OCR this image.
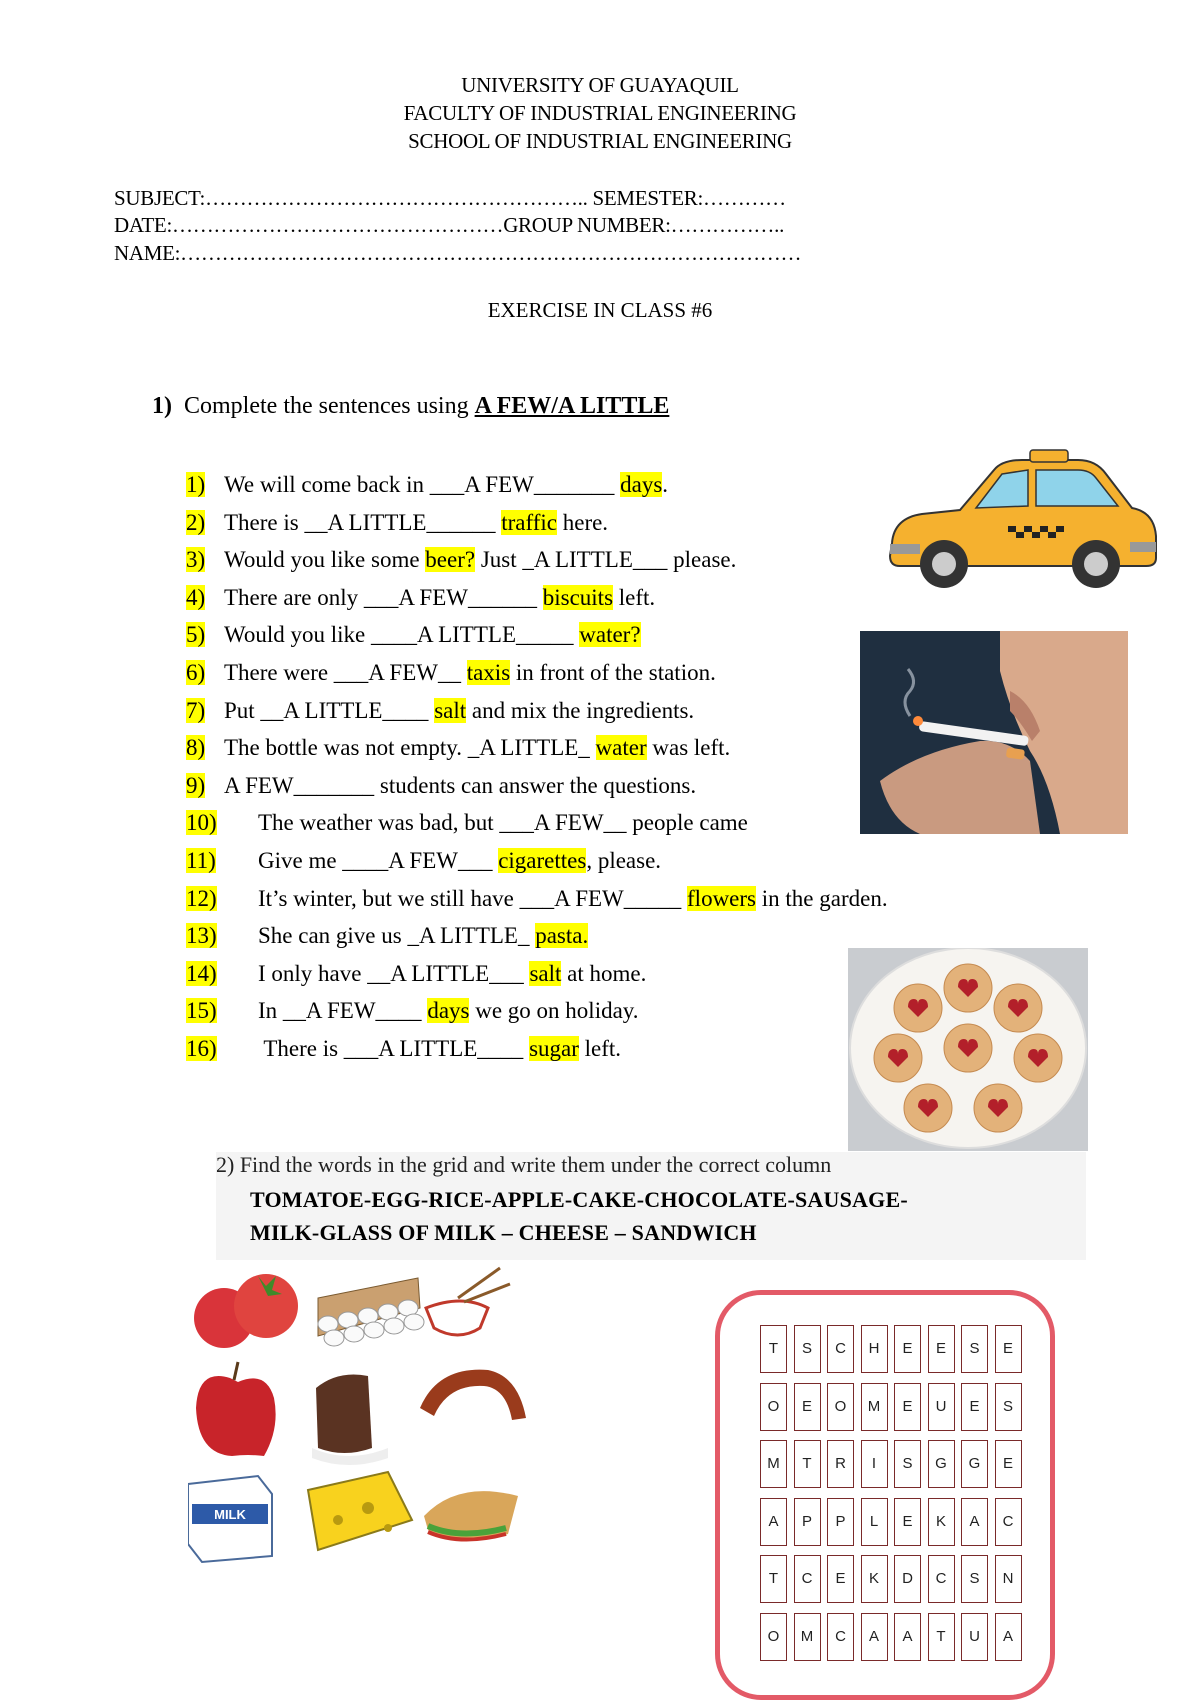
UNIVERSITY OF GUAYAQUIL
FACULTY OF INDUSTRIAL ENGINEERING
SCHOOL OF INDUSTRIAL ENGINEERING
SUBJECT:……………………………………………….. SEMESTER:…………
DATE:…………………………………………GROUP NUMBER:……………..
NAME:………………………………………………………………………………
EXERCISE IN CLASS #6
1) Complete the sentences using A FEW/A LITTLE
1) We will come back in ___A FEW_______ days.
2) There is __A LITTLE______ traffic here.
3) Would you like some beer? Just _A LITTLE___ please.
4) There are only ___A FEW______ biscuits left.
5) Would you like ____A LITTLE_____ water?
6) There were ___A FEW__ taxis in front of the station.
7) Put __A LITTLE____ salt and mix the ingredients.
8) The bottle was not empty. _A LITTLE_ water was left.
9) A FEW_______ students can answer the questions.
10) The weather was bad, but ___A FEW__ people came
11) Give me ____A FEW___ cigarettes, please.
12) It’s winter, but we still have ___A FEW_____ flowers in the garden.
13) She can give us _A LITTLE_ pasta.
14) I only have __A LITTLE___ salt at home.
15) In __A FEW____ days we go on holiday.
16) There is ___A LITTLE____ sugar left.
2) Find the words in the grid and write them under the correct column
TOMATOE-EGG-RICE-APPLE-CAKE-CHOCOLATE-SAUSAGE-
MILK-GLASS OF MILK – CHEESE – SANDWICH
MILK
T	S	C	H	E	E	S	E
O	E	O	M	E	U	E	S
M	T	R	I	S	G	G	E
A	P	P	L	E	K	A	C
T	C	E	K	D	C	S	N
O	M	C	A	A	T	U	A
